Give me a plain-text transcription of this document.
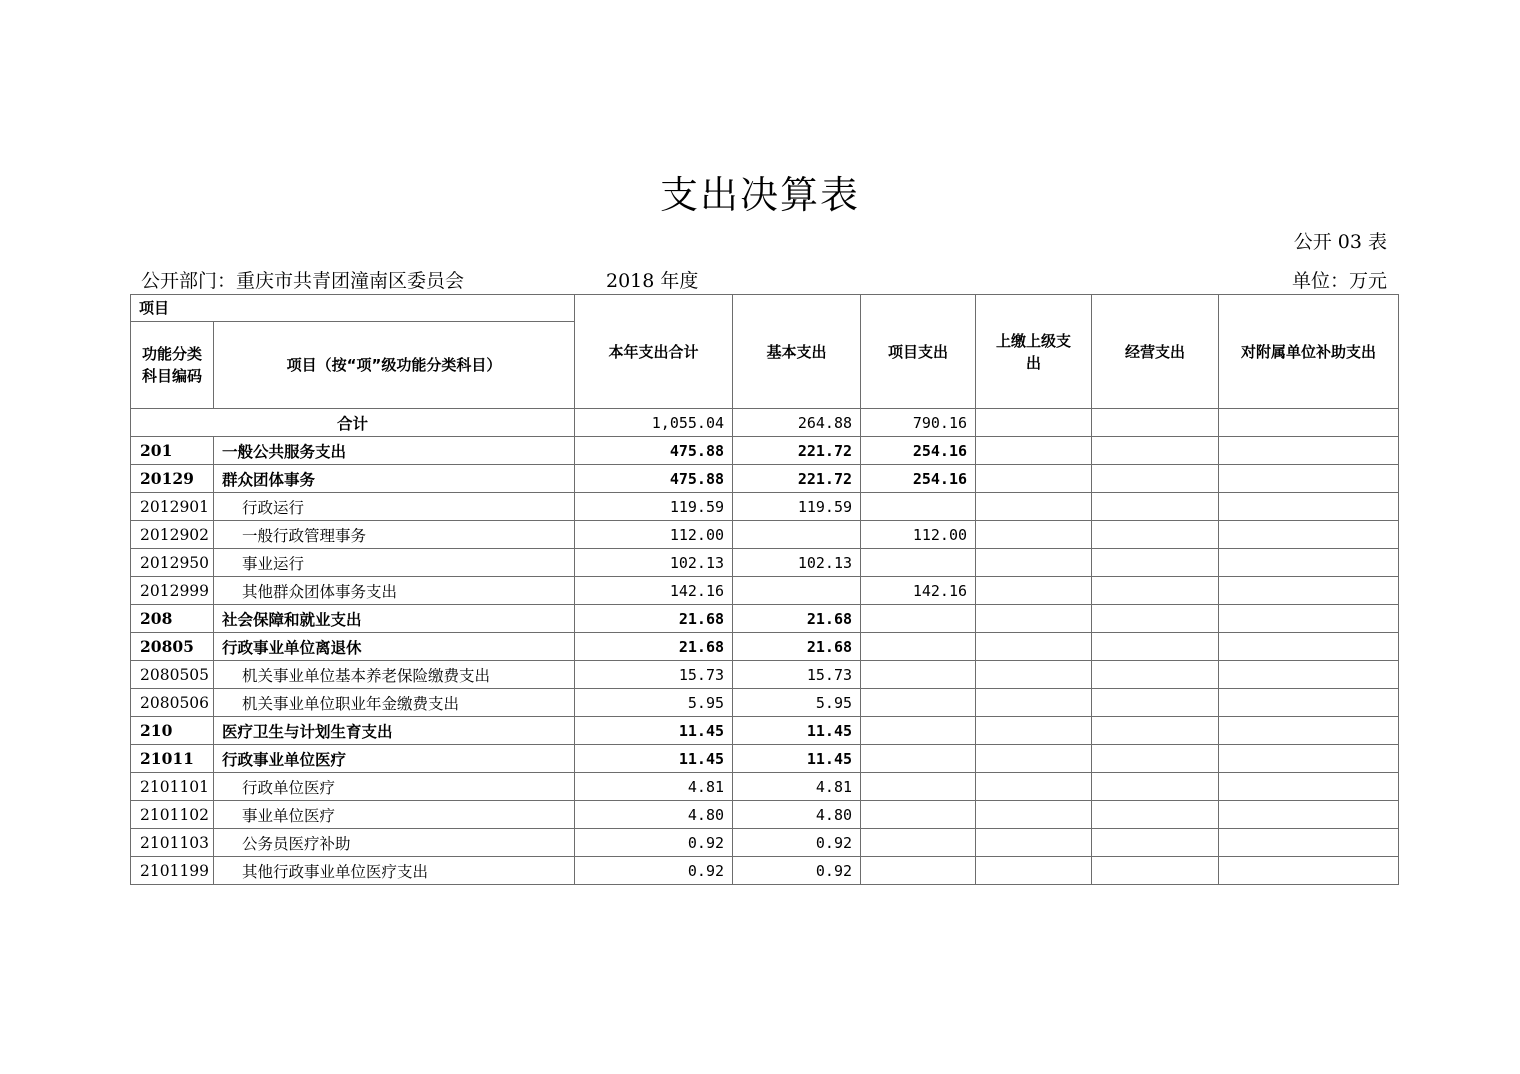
支出决算表
公开 03 表
公开部门：重庆市共青团潼南区委员会	2018 年度	单位：万元
项目		本年支出合计	基本支出	项目支出	上缴上级支出	经营支出	对附属单位补助支出
功能分类科目编码	项目（按“项”级功能分类科目）						
合计		1,055.04	264.88	790.16			
201	一般公共服务支出	475.88	221.72	254.16			
20129	群众团体事务	475.88	221.72	254.16			
2012901	行政运行	119.59	119.59				
2012902	一般行政管理事务	112.00		112.00			
2012950	事业运行	102.13	102.13				
2012999	其他群众团体事务支出	142.16		142.16			
208	社会保障和就业支出	21.68	21.68				
20805	行政事业单位离退休	21.68	21.68				
2080505	机关事业单位基本养老保险缴费支出	15.73	15.73				
2080506	机关事业单位职业年金缴费支出	5.95	5.95				
210	医疗卫生与计划生育支出	11.45	11.45				
21011	行政事业单位医疗	11.45	11.45				
2101101	行政单位医疗	4.81	4.81				
2101102	事业单位医疗	4.80	4.80				
2101103	公务员医疗补助	0.92	0.92				
2101199	其他行政事业单位医疗支出	0.92	0.92				
